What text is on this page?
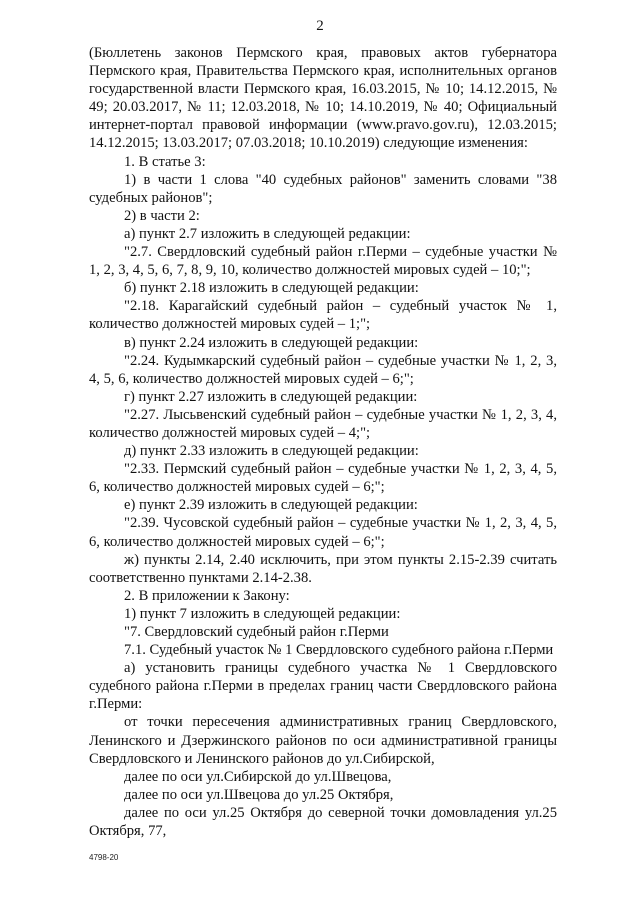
2

(Бюллетень законов Пермского края, правовых актов губернатора Пермского края, Правительства Пермского края, исполнительных органов государственной власти Пермского края, 16.03.2015, № 10; 14.12.2015, № 49; 20.03.2017, № 11; 12.03.2018, № 10; 14.10.2019, № 40; Официальный интернет-портал правовой информации (www.pravo.gov.ru), 12.03.2015; 14.12.2015; 13.03.2017; 07.03.2018; 10.10.2019) следующие изменения:

1. В статье 3:

1) в части 1 слова "40 судебных районов" заменить словами "38 судебных районов";

2) в части 2:

а) пункт 2.7 изложить в следующей редакции:

"2.7. Свердловский судебный район г.Перми – судебные участки № 1, 2, 3, 4, 5, 6, 7, 8, 9, 10, количество должностей мировых судей – 10;";

б) пункт 2.18 изложить в следующей редакции:

"2.18. Карагайский судебный район – судебный участок № 1, количество должностей мировых судей – 1;";

в) пункт 2.24 изложить в следующей редакции:

"2.24. Кудымкарский судебный район – судебные участки № 1, 2, 3, 4, 5, 6, количество должностей мировых судей – 6;";

г) пункт 2.27 изложить в следующей редакции:

"2.27. Лысьвенский судебный район – судебные участки № 1, 2, 3, 4, количество должностей мировых судей – 4;";

д) пункт 2.33 изложить в следующей редакции:

"2.33. Пермский судебный район – судебные участки № 1, 2, 3, 4, 5, 6, количество должностей мировых судей – 6;";

е) пункт 2.39 изложить в следующей редакции:

"2.39. Чусовской судебный район – судебные участки № 1, 2, 3, 4, 5, 6, количество должностей мировых судей – 6;";

ж) пункты 2.14, 2.40 исключить, при этом пункты 2.15-2.39 считать соответственно пунктами 2.14-2.38.

2. В приложении к Закону:

1) пункт 7 изложить в следующей редакции:

"7. Свердловский судебный район г.Перми

7.1. Судебный участок № 1 Свердловского судебного района г.Перми

а) установить границы судебного участка № 1 Свердловского судебного района г.Перми в пределах границ части Свердловского района г.Перми:

от точки пересечения административных границ Свердловского, Ленинского и Дзержинского районов по оси административной границы Свердловского и Ленинского районов до ул.Сибирской,

далее по оси ул.Сибирской до ул.Швецова,

далее по оси ул.Швецова до ул.25 Октября,

далее по оси ул.25 Октября до северной точки домовладения ул.25 Октября, 77,

4798-20
